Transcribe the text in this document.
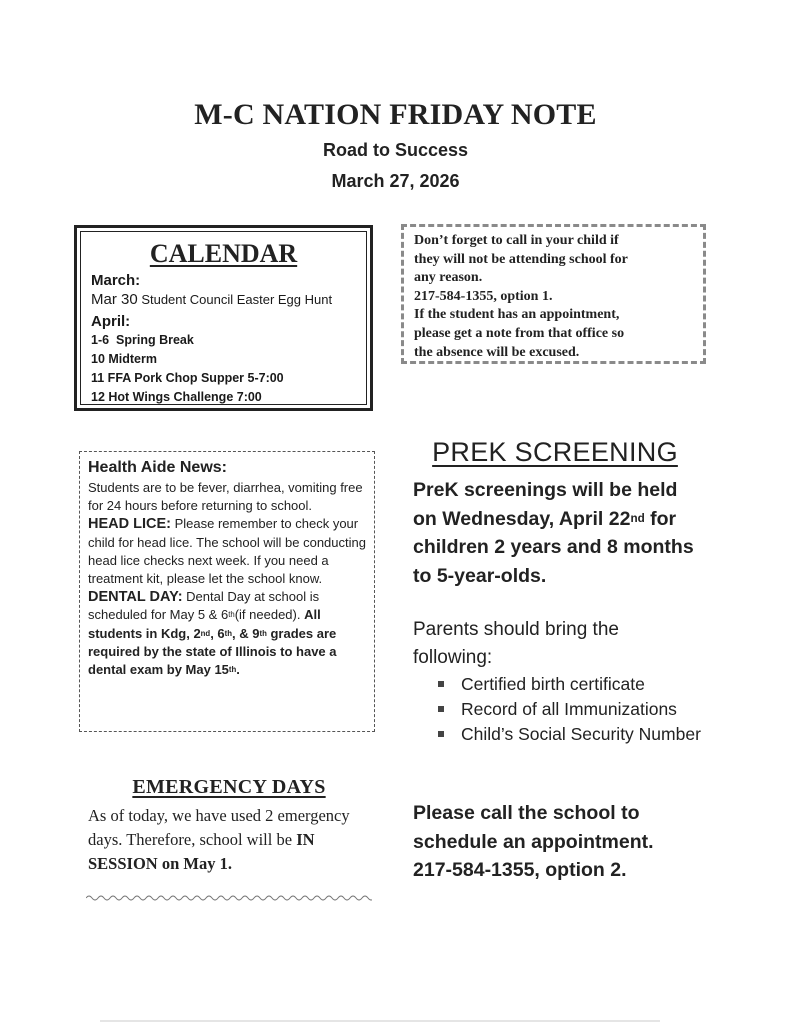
M-C NATION FRIDAY NOTE
Road to Success
March 27, 2026
CALENDAR
March:
Mar 30 Student Council Easter Egg Hunt
April:
1-6  Spring Break
10 Midterm
11 FFA Pork Chop Supper 5-7:00
12 Hot Wings Challenge 7:00
Don’t forget to call in your child if
they will not be attending school for
any reason.
217-584-1355, option 1.
If the student has an appointment,
please get a note from that office so
the absence will be excused.
Health Aide News:

Students are to be fever, diarrhea, vomiting free for 24 hours before returning to school.

HEAD LICE: Please remember to check your child for head lice. The school will be conducting head lice checks next week. If you need a treatment kit, please let the school know.

DENTAL DAY: Dental Day at school is scheduled for May 5 & 6th(if needed). All students in Kdg, 2nd, 6th, & 9th grades are required by the state of Illinois to have a dental exam by May 15th.

EMERGENCY DAYS
As of today, we have used 2 emergency days. Therefore, school will be IN SESSION on May 1.
PREK SCREENING
PreK screenings will be held on Wednesday, April 22nd for children 2 years and 8 months to 5-year-olds.
Parents should bring the following:
Certified birth certificate
Record of all Immunizations
Child’s Social Security Number
Please call the school to schedule an appointment.
217-584-1355, option 2.
